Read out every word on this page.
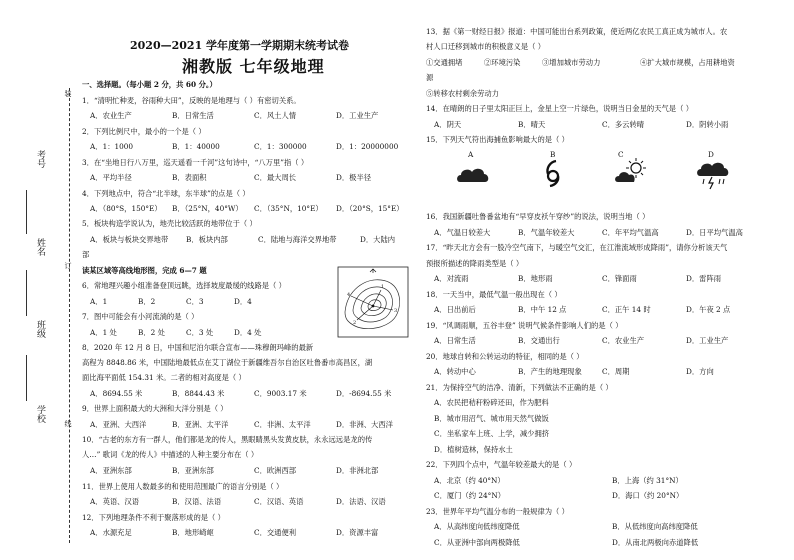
考号
姓名
班级
学校
装
订
线
2020—2021 学年度第一学期期末统考试卷
湘教版 七年级地理
一、选择题。（每小题 2 分，共 60 分。）
1．“清明忙种麦，谷雨种大田”，反映的是地理与（ ）有密切关系。
A．农业生产	B．日常生活	C．风土人情	D．工业生产
2．下列比例尺中，最小的一个是（ ）
A．1：1000	B．1：40000	C．1：300000	D．1：20000000
3．在“坐地日行八万里，巡天遥看一千河”这句诗中，“八万里”指（ ）
A．平均半径	B．表面积	C．最大周长	D．极半径
4．下列地点中，符合“北半球，东半球”的点是（ ）
A．（80°S，150°E）	B．（25°N，40°W）	C．（35°N，10°E）	D．（20°S，15°E）
5．板块构造学说认为，地壳比较活跃的地带位于（ ）
A．板块与板块交界地带	B．板块内部	C．陆地与海洋交界地带	D．大陆内
部
读某区域等高线地形图，完成 6—7 题
6．常地理兴趣小组准备登顶远眺，选择坡度最缓的线路是（ ）
A．1	B．2	C．3	D．4
7．图中可能会有小河流淌的是（ ）
A．1 处	B．2 处	C．3 处	D．4 处
1
2
3
4
8．2020 年 12 月 8 日，中国和尼泊尔联合宣布——珠穆朗玛峰的最新
高程为 8848.86 米，中国陆地最低点在艾丁湖位于新疆维吾尔自治区吐鲁番市高昌区，湖
面比海平面低 154.31 米。二者的相对高度是（ ）
A．8694.55 米	B．8844.43 米	C．9003.17 米	D．-8694.55 米
9．世界上面积最大的大洲和大洋分别是（ ）
A．亚洲、大西洋	B．亚洲、太平洋	C．非洲、太平洋	D．非洲、大西洋
10．“古老的东方有一群人，他们都是龙的传人，黑眼睛黑头发黄皮肤，永永远远是龙的传
人…” 歌词《龙的传人》中描述的人种主要分布在（ ）
A．亚洲东部	B．亚洲东部	C．欧洲西部	D．非洲北部
11．世界上使用人数最多的和使用范围最广的语言分别是（ ）
A．英语、汉语	B．汉语、法语	C．汉语、英语	D．法语、汉语
12．下列地理条件不利于聚落形成的是（ ）
A．水源充足	B．地形崎岖	C．交通便利	D．资源丰富
13．据《第一财经日报》报道：中国可能出台系列政策，使近两亿农民工真正成为城市人。农
村人口迁移到城市的积极意义是（ ）
①交通拥堵	②环境污染	③增加城市劳动力	④扩大城市规模，占用耕地资
源
⑤转移农村剩余劳动力
14．在晴朗的日子里太阳正巨上，金星上空一片绿色，说明当日金星的天气是（ ）
A．阴天	B．晴天	C．多云转晴	D．阴转小雨
15．下列天气符出海捕鱼影响最大的是（ ）
A	B	C	D
16．我国新疆吐鲁番盆地有“早穿皮袄午穿纱”的说法，说明当地（ ）
A．气温日较差大	B．气温年较差大	C．年平均气温高	D．日平均气温高
17．“昨天北方会有一股冷空气南下，与暖空气交汇，在江淮流域形成降雨”，请你分析该天气
预报所描述的降雨类型是（ ）
A．对流雨	B．地形雨	C．锋面雨	D．雷阵雨
18．一天当中，最低气温一般出现在（ ）
A．日出前后	B．中午 12 点	C．正午 14 时	D．午夜 2 点
19．“风调雨顺，五谷丰登” 说明气候条件影响人们的是（ ）
A．日常生活	B．交通出行	C．农业生产	D．工业生产
20．地球自转和公转运动的特征，相同的是（ ）
A．转动中心	B．产生的地理现象	C．周期	D．方向
21．为保持空气的洁净、清新，下列做法不正确的是（ ）
A．农民把秸秆粉碎还田，作为肥料
B．城市用沼气、城市用天然气做饭
C．坐私家车上班、上学，减少拥挤
D．植树造林，保持水土
22．下列四个点中，气温年较差最大的是（ ）
A．北京（约 40°N）	B．上海（约 31°N）
C．厦门（约 24°N）	D．海口（约 20°N）
23．世界年平均气温分布的一般规律为（ ）
A．从高纬度向低纬度降低	B．从低纬度向高纬度降低
C．从亚洲中部向两极降低	D．从南北两极向赤道降低
